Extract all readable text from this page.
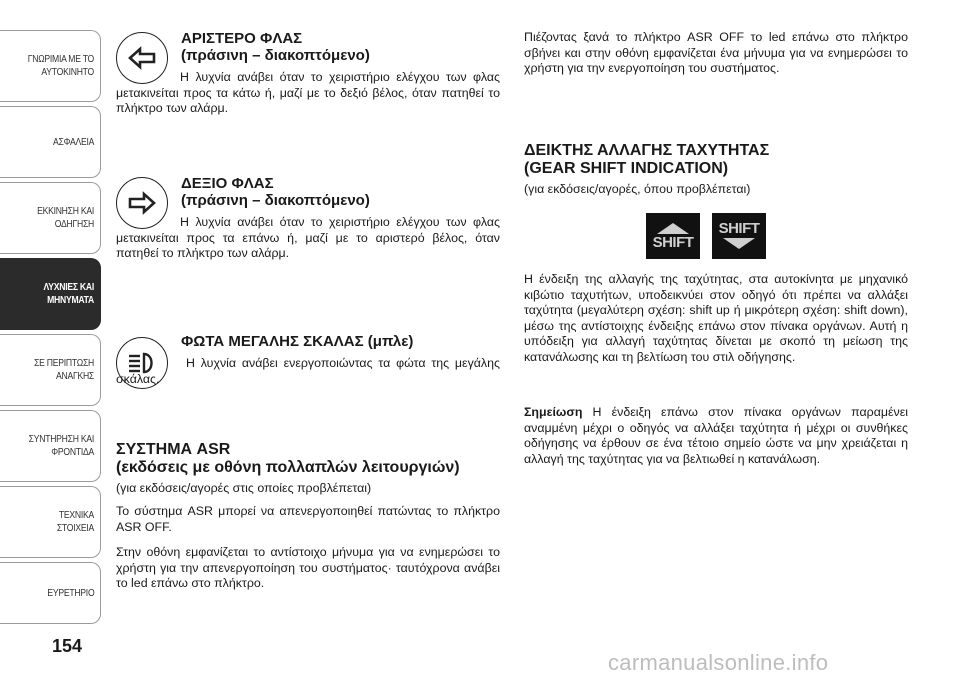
ΓΝΩΡΙΜΙΑ ΜΕ ΤΟ ΑΥΤΟΚΙΝΗΤΟ
ΑΣΦΑΛΕΙΑ
ΕΚΚΙΝΗΣΗ ΚΑΙ ΟΔΗΓΗΣΗ
ΛΥΧΝΙΕΣ ΚΑΙ ΜΗΝΥΜΑΤΑ
ΣΕ ΠΕΡΙΠΤΩΣΗ ΑΝΑΓΚΗΣ
ΣΥΝΤΗΡΗΣΗ ΚΑΙ ΦΡΟΝΤΙΔΑ
ΤΕΧΝΙΚΑ ΣΤΟΙΧΕΙΑ
ΕΥΡΕΤΗΡΙΟ
154
ΑΡΙΣΤΕΡΟ ΦΛΑΣ
(πράσινη – διακοπτόμενο)
Η λυχνία ανάβει όταν το χειριστήριο ελέγχου των φλας μετακινείται προς τα κάτω ή, μαζί με το δεξιό βέλος, όταν πατηθεί το πλήκτρο των αλάρμ.
ΔΕΞΙΟ ΦΛΑΣ
(πράσινη – διακοπτόμενο)
Η λυχνία ανάβει όταν το χειριστήριο ελέγχου των φλας μετακινείται προς τα επάνω ή, μαζί με το αριστερό βέλος, όταν πατηθεί το πλήκτρο των αλάρμ.
ΦΩΤΑ ΜΕΓΑΛΗΣ ΣΚΑΛΑΣ (μπλε)
Η λυχνία ανάβει ενεργοποιώντας τα φώτα της μεγάλης σκάλας.
ΣΥΣΤΗΜΑ ASR
(εκδόσεις με οθόνη πολλαπλών λειτουργιών)
(για εκδόσεις/αγορές στις οποίες προβλέπεται)
Το σύστημα ASR μπορεί να απενεργοποιηθεί πατώντας το πλήκτρο ASR OFF.
Στην οθόνη εμφανίζεται το αντίστοιχο μήνυμα για να ενημερώσει το χρήστη για την απενεργοποίηση του συστήματος· ταυτόχρονα ανάβει το led επάνω στο πλήκτρο.
Πιέζοντας ξανά το πλήκτρο ASR OFF το led επάνω στο πλήκτρο σβήνει και στην οθόνη εμφανίζεται ένα μήνυμα για να ενημερώσει το χρήστη για την ενεργοποίηση του συστήματος.
ΔΕΙΚΤΗΣ ΑΛΛΑΓΗΣ ΤΑΧΥΤΗΤΑΣ
(GEAR SHIFT INDICATION)
(για εκδόσεις/αγορές, όπου προβλέπεται)
SHIFT
SHIFT
Η ένδειξη της αλλαγής της ταχύτητας, στα αυτοκίνητα με μηχανικό κιβώτιο ταχυτήτων, υποδεικνύει στον οδηγό ότι πρέπει να αλλάξει ταχύτητα (μεγαλύτερη σχέση: shift up ή μικρότερη σχέση: shift down), μέσω της αντίστοιχης ένδειξης επάνω στον πίνακα οργάνων. Αυτή η υπόδειξη για αλλαγή ταχύτητας δίνεται με σκοπό τη μείωση της κατανάλωσης και τη βελτίωση του στιλ οδήγησης.
Σημείωση Η ένδειξη επάνω στον πίνακα οργάνων παραμένει αναμμένη μέχρι ο οδηγός να αλλάξει ταχύτητα ή μέχρι οι συνθήκες οδήγησης να έρθουν σε ένα τέτοιο σημείο ώστε να μην χρειάζεται η αλλαγή της ταχύτητας για να βελτιωθεί η κατανάλωση.
carmanualsonline.info
